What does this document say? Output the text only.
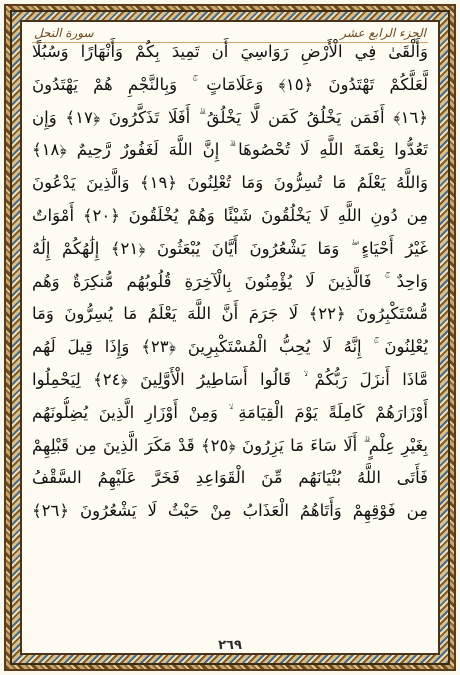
الجزء الرابع عشر
سورة النحل
وَأَلْقَىٰ فِي الْأَرْضِ رَوَاسِيَ أَن تَمِيدَ بِكُمْ وَأَنْهَارًا وَسُبُلًا
لَّعَلَّكُمْ تَهْتَدُونَ ﴿١٥﴾ وَعَلَامَاتٍ ۚ وَبِالنَّجْمِ هُمْ يَهْتَدُونَ
﴿١٦﴾ أَفَمَن يَخْلُقُ كَمَن لَّا يَخْلُقُ ۗ أَفَلَا تَذَكَّرُونَ ﴿١٧﴾ وَإِن
تَعُدُّوا نِعْمَةَ اللَّهِ لَا تُحْصُوهَا ۗ إِنَّ اللَّهَ لَغَفُورٌ رَّحِيمٌ ﴿١٨﴾
وَاللَّهُ يَعْلَمُ مَا تُسِرُّونَ وَمَا تُعْلِنُونَ ﴿١٩﴾ وَالَّذِينَ يَدْعُونَ
مِن دُونِ اللَّهِ لَا يَخْلُقُونَ شَيْئًا وَهُمْ يُخْلَقُونَ ﴿٢٠﴾ أَمْوَاتٌ
غَيْرُ أَحْيَاءٍ ۖ وَمَا يَشْعُرُونَ أَيَّانَ يُبْعَثُونَ ﴿٢١﴾ إِلَٰهُكُمْ إِلَٰهٌ
وَاحِدٌ ۚ فَالَّذِينَ لَا يُؤْمِنُونَ بِالْآخِرَةِ قُلُوبُهُم مُّنكِرَةٌ وَهُم
مُّسْتَكْبِرُونَ ﴿٢٢﴾ لَا جَرَمَ أَنَّ اللَّهَ يَعْلَمُ مَا يُسِرُّونَ وَمَا
يُعْلِنُونَ ۚ إِنَّهُ لَا يُحِبُّ الْمُسْتَكْبِرِينَ ﴿٢٣﴾ وَإِذَا قِيلَ لَهُم
مَّاذَا أَنزَلَ رَبُّكُمْ ۙ قَالُوا أَسَاطِيرُ الْأَوَّلِينَ ﴿٢٤﴾ لِيَحْمِلُوا
أَوْزَارَهُمْ كَامِلَةً يَوْمَ الْقِيَامَةِ ۙ وَمِنْ أَوْزَارِ الَّذِينَ يُضِلُّونَهُم
بِغَيْرِ عِلْمٍ ۗ أَلَا سَاءَ مَا يَزِرُونَ ﴿٢٥﴾ قَدْ مَكَرَ الَّذِينَ مِن قَبْلِهِمْ
فَأَتَى اللَّهُ بُنْيَانَهُم مِّنَ الْقَوَاعِدِ فَخَرَّ عَلَيْهِمُ السَّقْفُ
مِن فَوْقِهِمْ وَأَتَاهُمُ الْعَذَابُ مِنْ حَيْثُ لَا يَشْعُرُونَ ﴿٢٦﴾
٢٦٩
